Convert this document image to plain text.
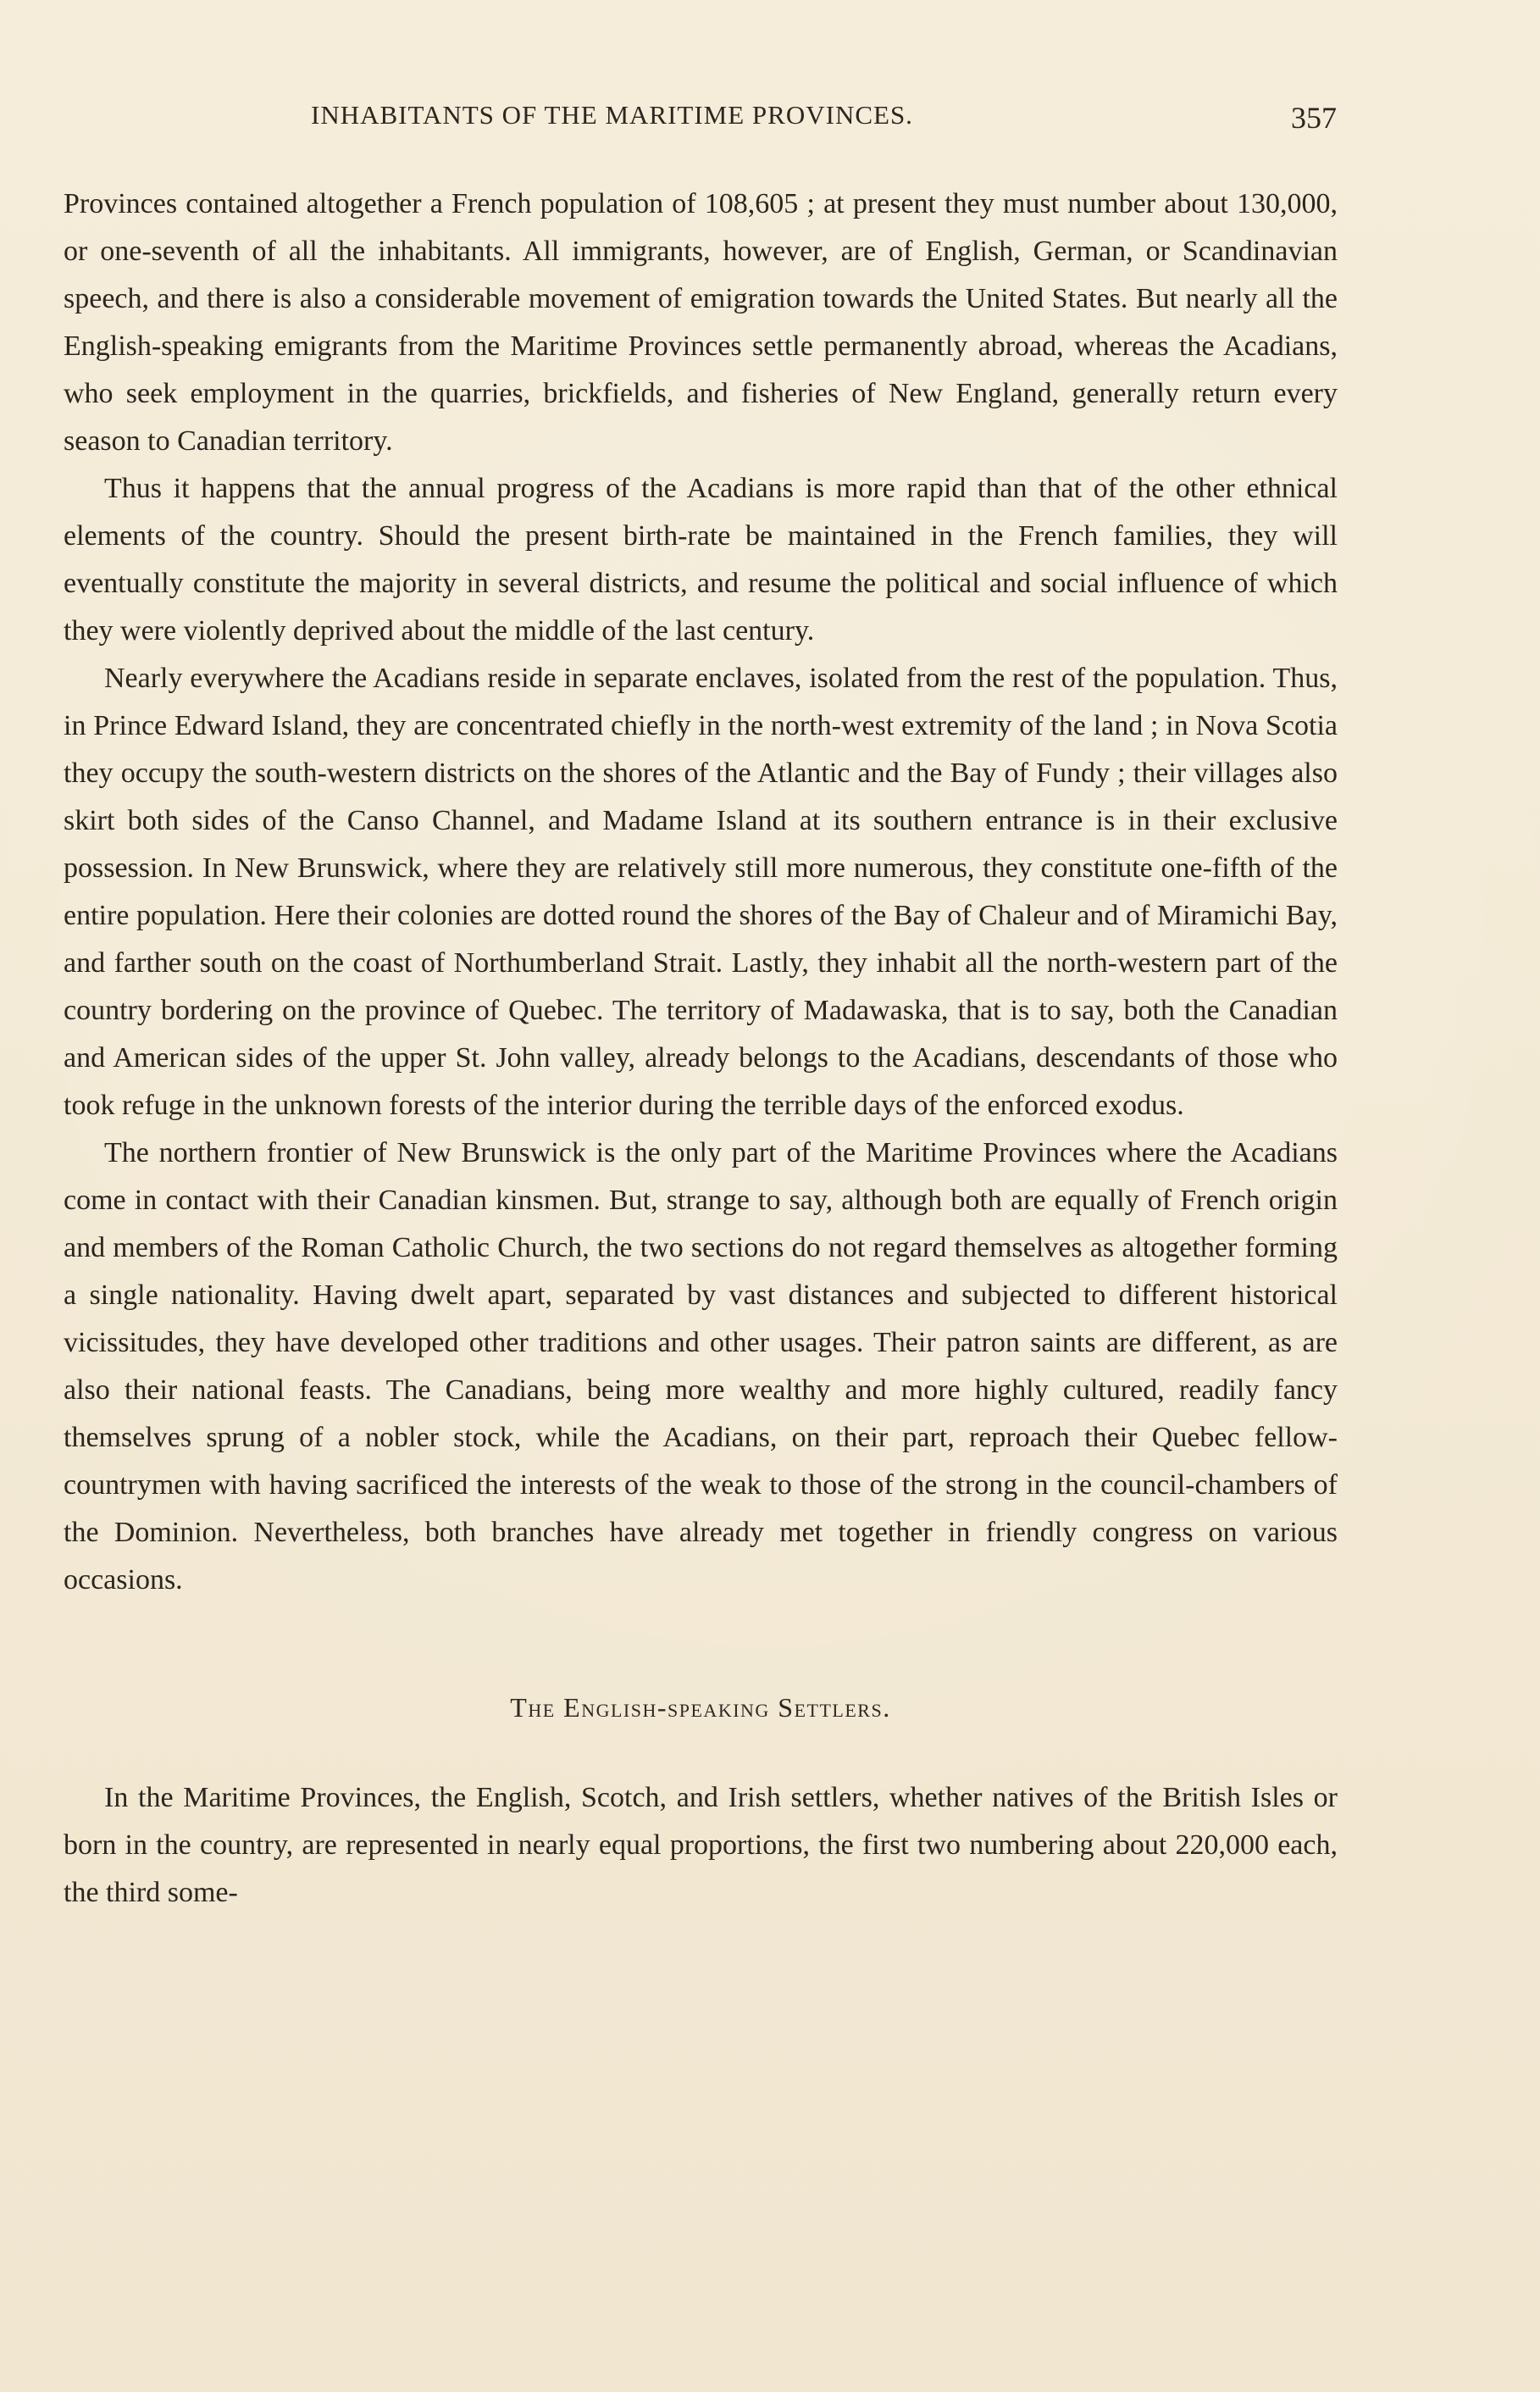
INHABITANTS OF THE MARITIME PROVINCES.	357

Provinces contained altogether a French population of 108,605 ; at present they must number about 130,000, or one-seventh of all the inhabitants. All immigrants, however, are of English, German, or Scandinavian speech, and there is also a considerable movement of emigration towards the United States. But nearly all the English-speaking emigrants from the Maritime Provinces settle permanently abroad, whereas the Acadians, who seek employment in the quarries, brickfields, and fisheries of New England, generally return every season to Canadian territory.

Thus it happens that the annual progress of the Acadians is more rapid than that of the other ethnical elements of the country. Should the present birth-rate be maintained in the French families, they will eventually constitute the majority in several districts, and resume the political and social influence of which they were violently deprived about the middle of the last century.

Nearly everywhere the Acadians reside in separate enclaves, isolated from the rest of the population. Thus, in Prince Edward Island, they are concentrated chiefly in the north-west extremity of the land ; in Nova Scotia they occupy the south-western districts on the shores of the Atlantic and the Bay of Fundy ; their villages also skirt both sides of the Canso Channel, and Madame Island at its southern entrance is in their exclusive possession. In New Brunswick, where they are relatively still more numerous, they constitute one-fifth of the entire population. Here their colonies are dotted round the shores of the Bay of Chaleur and of Miramichi Bay, and farther south on the coast of Northumberland Strait. Lastly, they inhabit all the north-western part of the country bordering on the province of Quebec. The territory of Madawaska, that is to say, both the Canadian and American sides of the upper St. John valley, already belongs to the Acadians, descendants of those who took refuge in the unknown forests of the interior during the terrible days of the enforced exodus.

The northern frontier of New Brunswick is the only part of the Maritime Provinces where the Acadians come in contact with their Canadian kinsmen. But, strange to say, although both are equally of French origin and members of the Roman Catholic Church, the two sections do not regard themselves as altogether forming a single nationality. Having dwelt apart, separated by vast distances and subjected to different historical vicissitudes, they have developed other traditions and other usages. Their patron saints are different, as are also their national feasts. The Canadians, being more wealthy and more highly cultured, readily fancy themselves sprung of a nobler stock, while the Acadians, on their part, reproach their Quebec fellow-countrymen with having sacrificed the interests of the weak to those of the strong in the council-chambers of the Dominion. Nevertheless, both branches have already met together in friendly congress on various occasions.

The English-speaking Settlers.

In the Maritime Provinces, the English, Scotch, and Irish settlers, whether natives of the British Isles or born in the country, are represented in nearly equal proportions, the first two numbering about 220,000 each, the third some-
